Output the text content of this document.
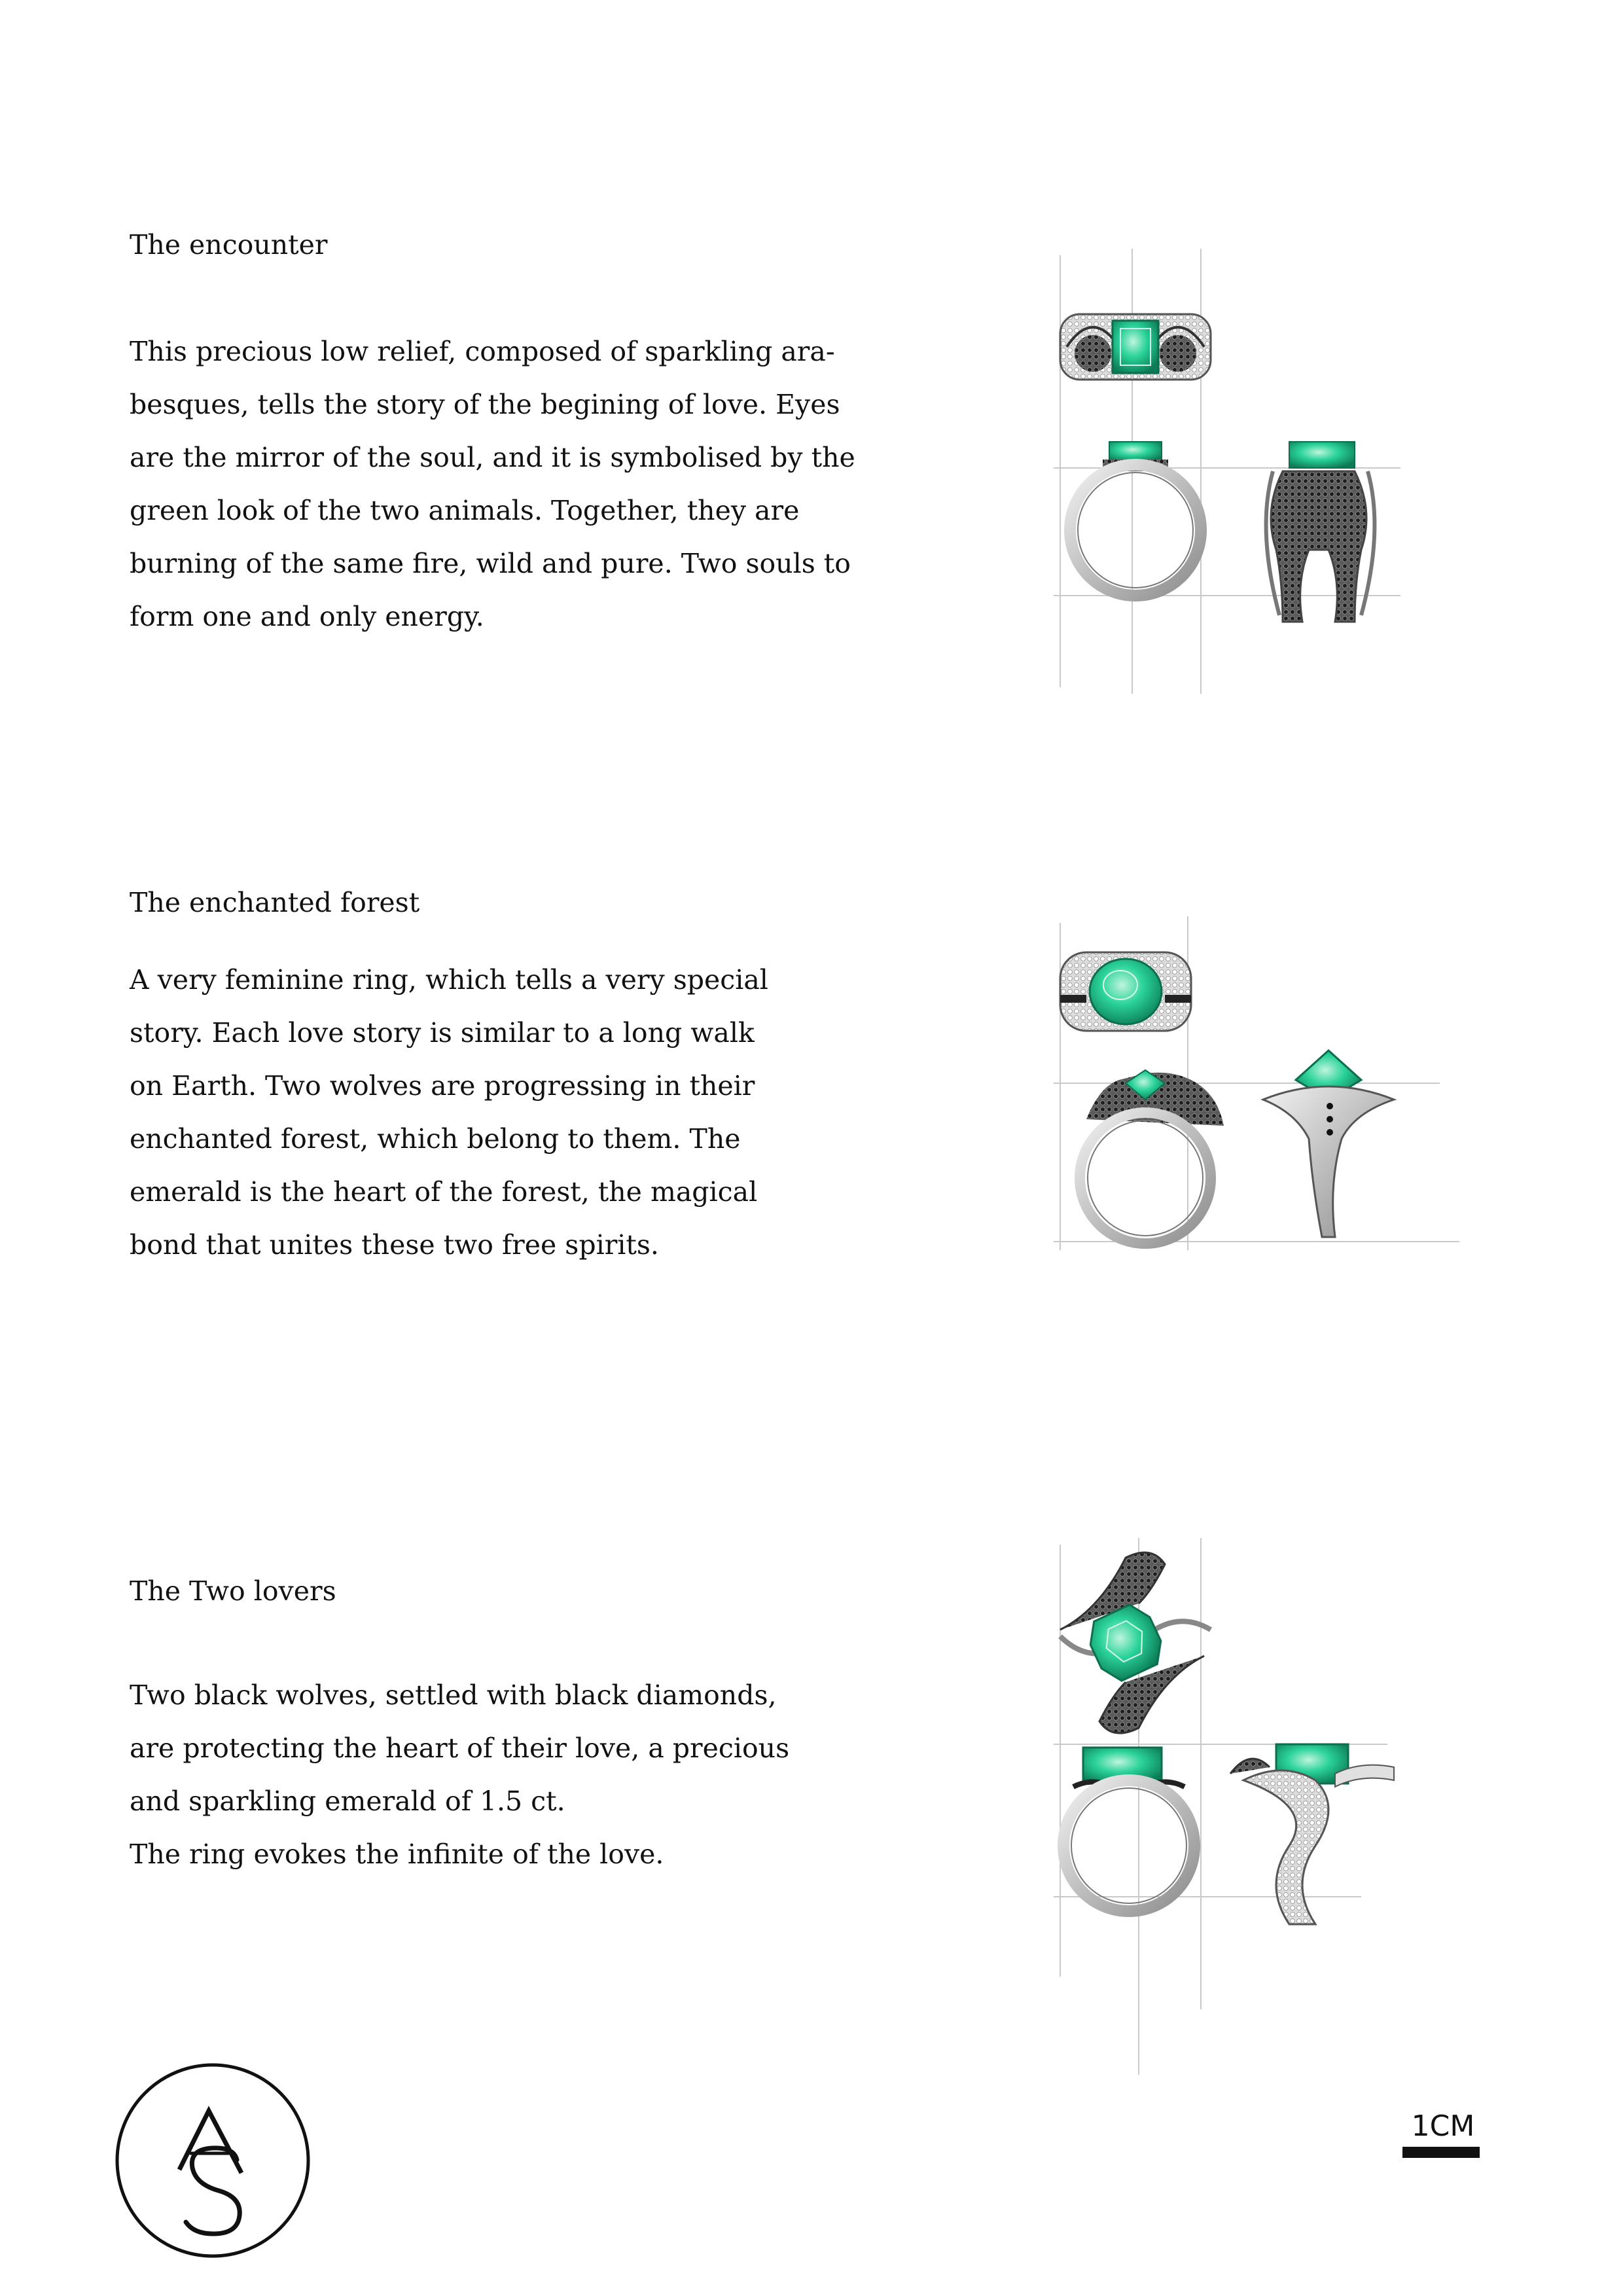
The encounter
This precious low relief, composed of sparkling ara-
besques, tells the story of the begining of love. Eyes
are the mirror of the soul, and it is symbolised by the
green look of the two animals. Together, they are
burning of the same fire, wild and pure. Two souls to
form one and only energy.
The enchanted forest
A very feminine ring, which tells a very special
story. Each love story is similar to a long walk
on Earth. Two wolves are progressing in their
enchanted forest, which belong to them. The
emerald is the heart of the forest, the magical
bond that unites these two free spirits.
The Two lovers
Two black wolves, settled with black diamonds,
are protecting the heart of their love, a precious
and sparkling emerald of 1.5 ct.
The ring evokes the infinite of the love.
1CM
